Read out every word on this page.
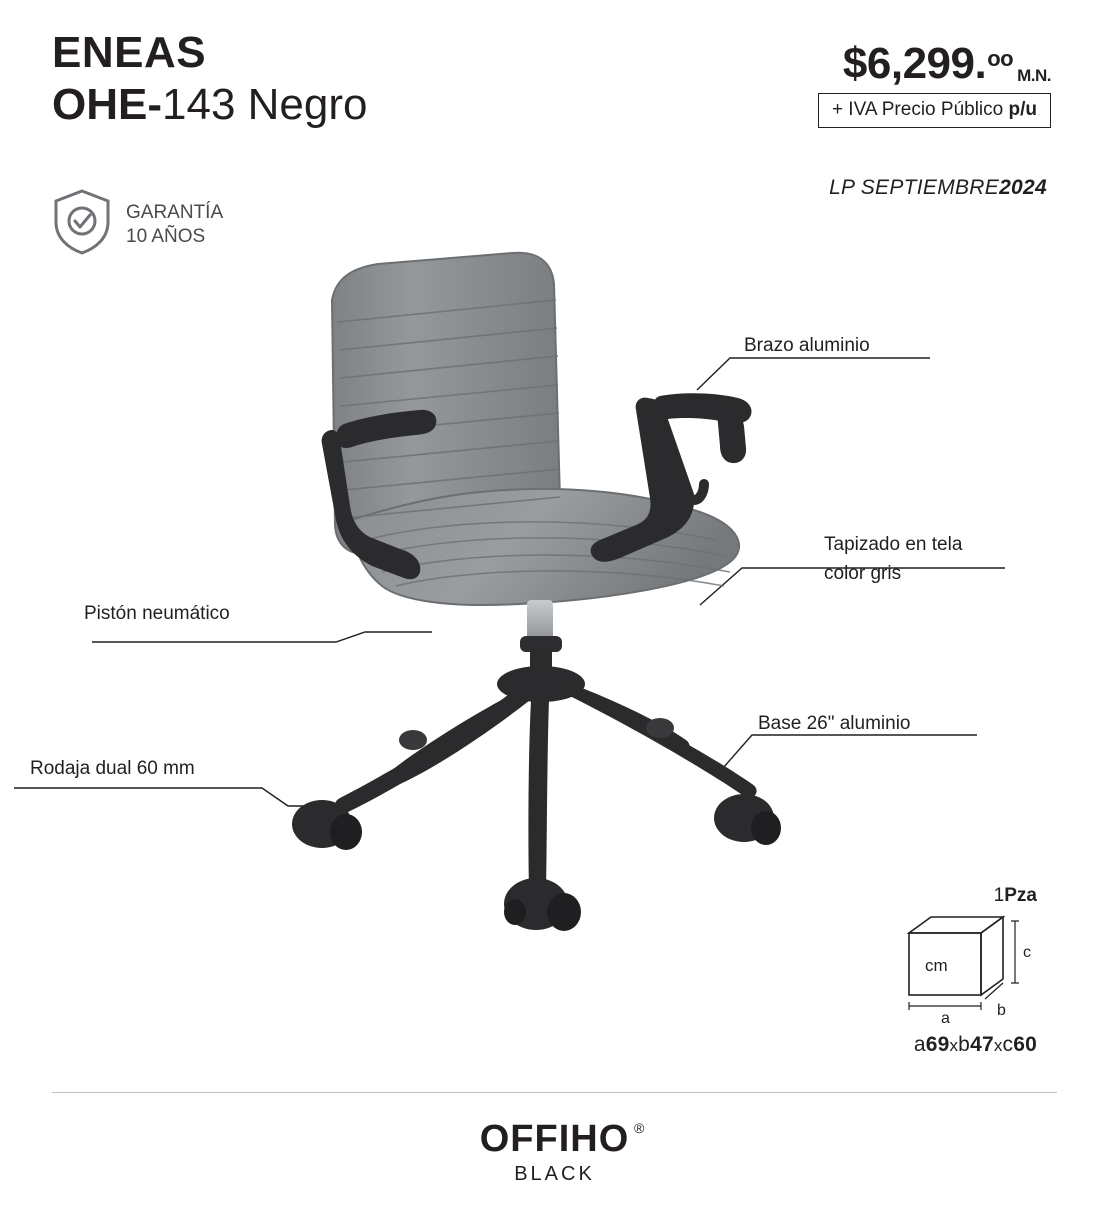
ENEAS
OHE-143 Negro
$6,299. oo
M.N.
+ IVA Precio Público p/u
LP SEPTIEMBRE2024
GARANTÍA
10 AÑOS
Brazo aluminio
Tapizado en tela
color gris
Base 26" aluminio
Pistón neumático
Rodaja dual 60 mm
1Pza
cm
a	b
c
a69xb47xc60
OFFIHO ®
BLACK
